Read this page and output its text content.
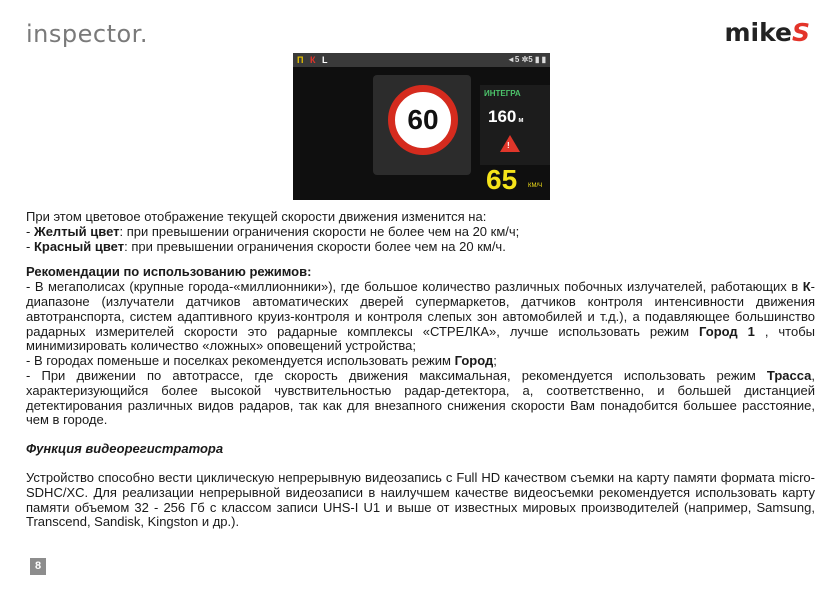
inspector.	mikeS
П К L	◄5 ✲5 ▮ ▮
60
ИНТЕГРА
160 м
!
65 КМ/Ч

При этом цветовое отображение текущей скорости движения изменится на:

- Желтый цвет: при превышении ограничения скорости не более чем на 20 км/ч;

- Красный цвет: при превышении ограничения скорости более чем на 20 км/ч.

Рекомендации по использованию режимов:

- В мегаполисах (крупные города-«миллионники»), где большое количество различных побочных излучателей, работающих в К-диапазоне (излучатели датчиков автоматических дверей супермаркетов, датчиков контроля интенсивности движения автотранспорта, систем адаптивного круиз-контроля и контроля слепых зон автомобилей и т.д.), а подавляющее большинство радарных измерителей скорости это радарные комплексы «СТРЕЛКА», лучше использовать режим Город 1 , чтобы минимизировать количество «ложных» оповещений устройства;

- В городах поменьше и поселках рекомендуется использовать режим Город;

- При движении по автотрассе, где скорость движения максимальная, рекомендуется использовать режим Трасса, характеризующийся более высокой чувствительностью радар-детектора, а, соответственно, и большей дистанцией детектирования различных видов радаров, так как для внезапного снижения скорости Вам понадобится большее расстояние, чем в городе.

Функция видеорегистратора

Устройство способно вести циклическую непрерывную видеозапись с Full HD качеством съемки на карту памяти формата micro-SDHC/XC. Для реализации непрерывной видеозаписи в наилучшем качестве видеосъемки рекомендуется использовать карту памяти объемом 32 - 256 Гб с классом записи UHS-I U1 и выше от известных мировых производителей (например, Samsung, Transcend, Sandisk, Kingston и др.).

8
